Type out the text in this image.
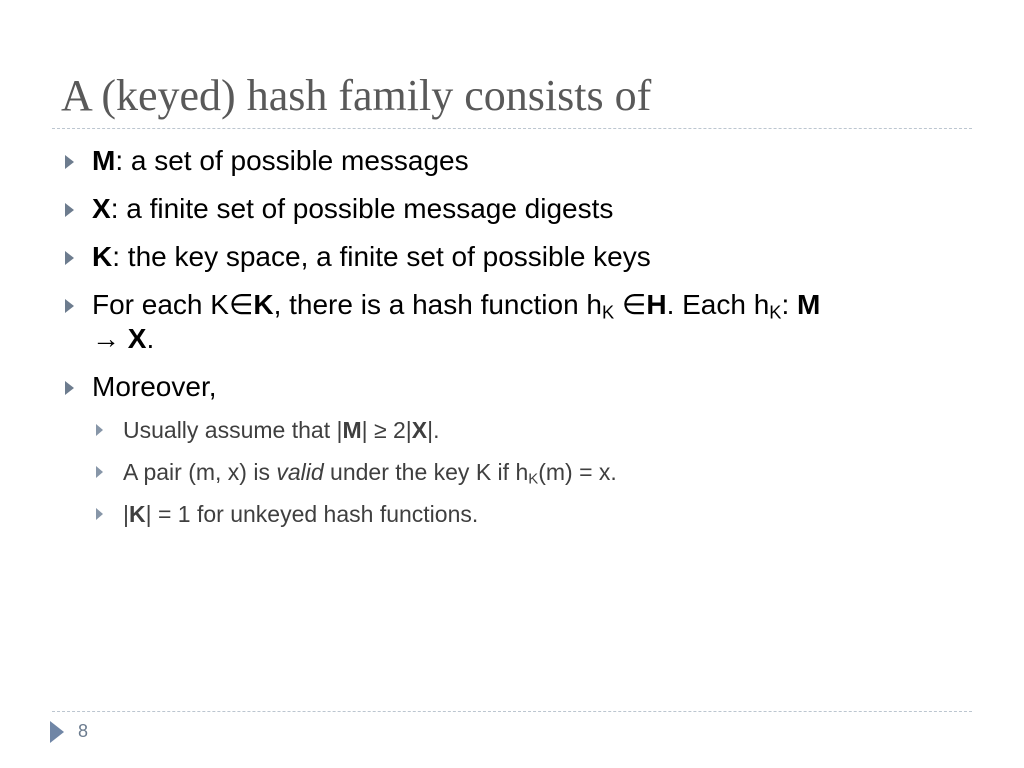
A (keyed) hash family consists of
M: a set of possible messages
X: a finite set of possible message digests
K: the key space, a finite set of possible keys
For each K∈K, there is a hash function $h_K$ ∈H. Each $h_K$: M
→ X.
Moreover,
Usually assume that |M| ≥ 2|X|.
A pair (m, x) is valid under the key K if $h_K(m) = x$.
|K| = 1 for unkeyed hash functions.
8
